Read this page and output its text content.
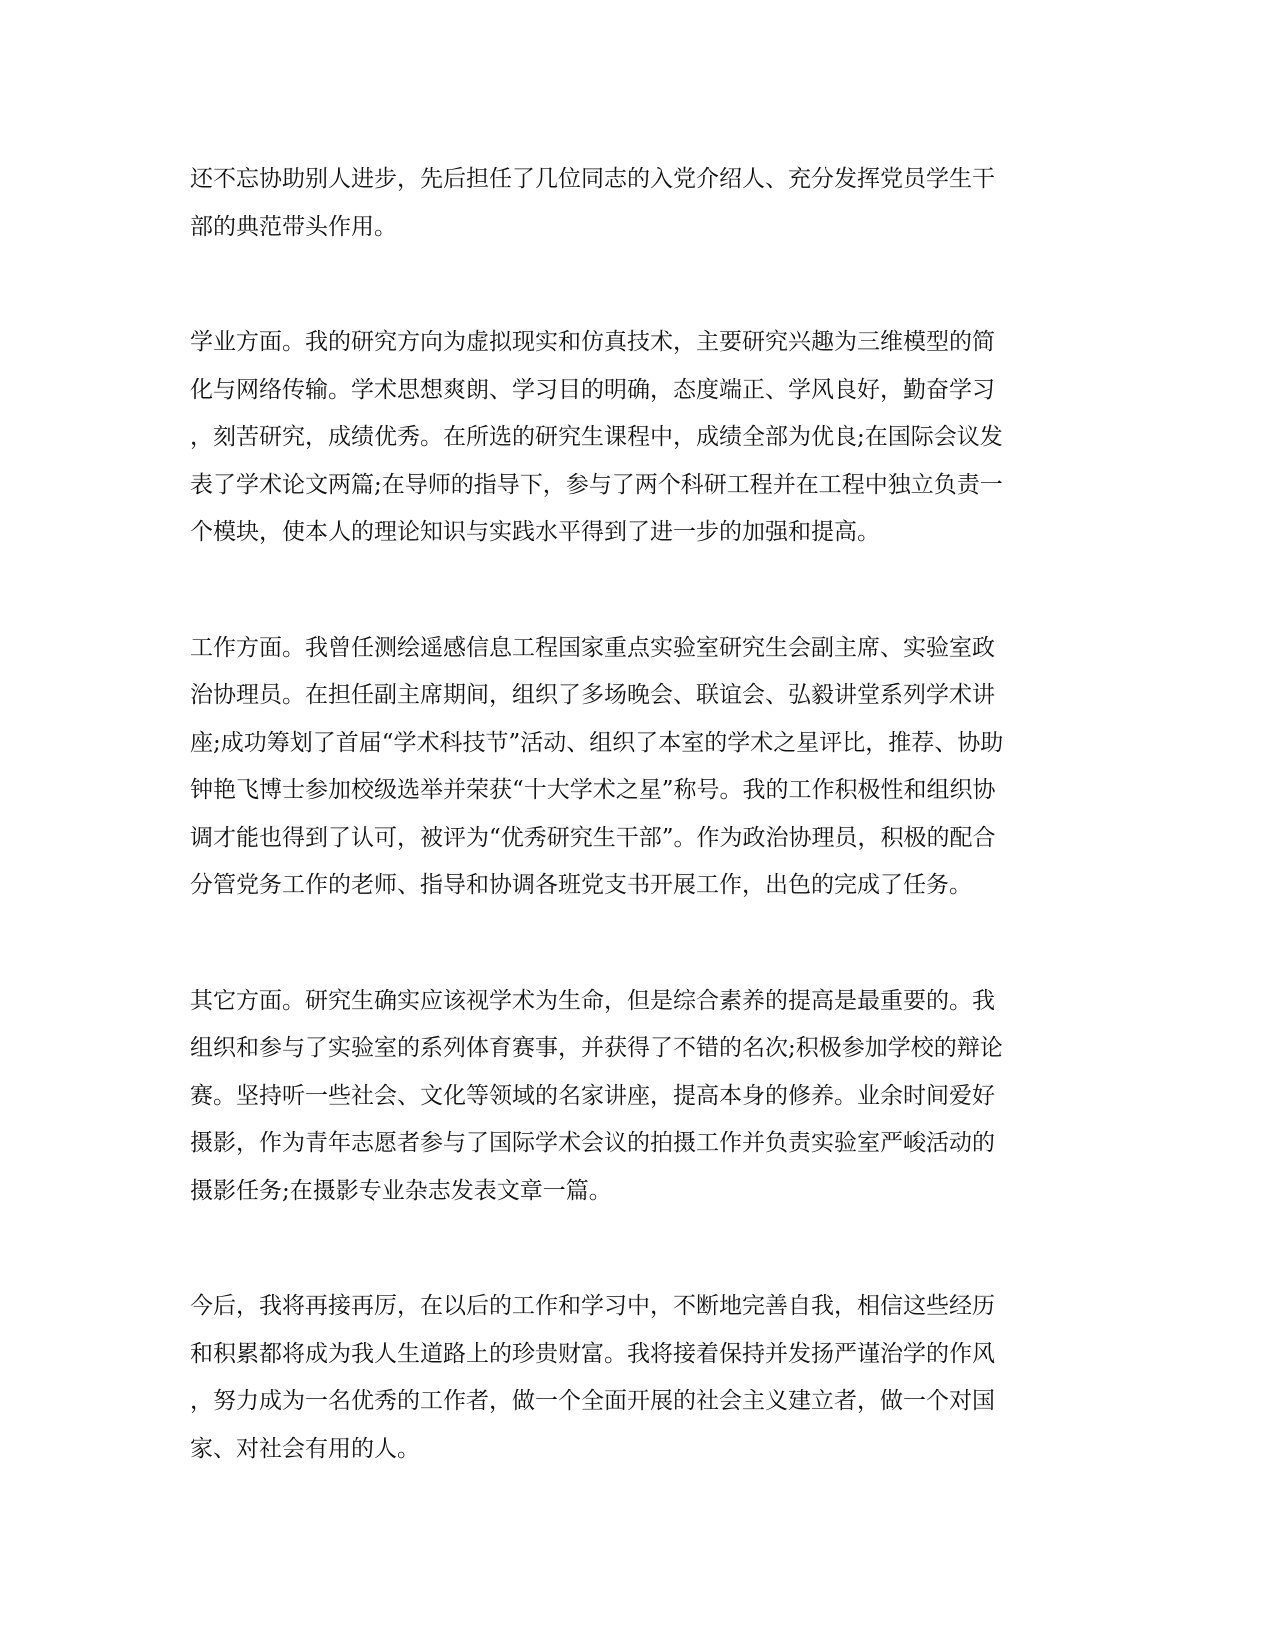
还不忘协助别人进步，先后担任了几位同志的入党介绍人、充分发挥党员学生干
部的典范带头作用。

学业方面。我的研究方向为虚拟现实和仿真技术，主要研究兴趣为三维模型的简
化与网络传输。学术思想爽朗、学习目的明确，态度端正、学风良好，勤奋学习
，刻苦研究，成绩优秀。在所选的研究生课程中，成绩全部为优良;在国际会议发
表了学术论文两篇;在导师的指导下，参与了两个科研工程并在工程中独立负责一
个模块，使本人的理论知识与实践水平得到了进一步的加强和提高。

工作方面。我曾任测绘遥感信息工程国家重点实验室研究生会副主席、实验室政
治协理员。在担任副主席期间，组织了多场晚会、联谊会、弘毅讲堂系列学术讲
座;成功筹划了首届“学术科技节”活动、组织了本室的学术之星评比，推荐、协助
钟艳飞博士参加校级选举并荣获“十大学术之星”称号。我的工作积极性和组织协
调才能也得到了认可，被评为“优秀研究生干部”。作为政治协理员，积极的配合
分管党务工作的老师、指导和协调各班党支书开展工作，出色的完成了任务。

其它方面。研究生确实应该视学术为生命，但是综合素养的提高是最重要的。我
组织和参与了实验室的系列体育赛事，并获得了不错的名次;积极参加学校的辩论
赛。坚持听一些社会、文化等领域的名家讲座，提高本身的修养。业余时间爱好
摄影，作为青年志愿者参与了国际学术会议的拍摄工作并负责实验室严峻活动的
摄影任务;在摄影专业杂志发表文章一篇。

今后，我将再接再厉，在以后的工作和学习中，不断地完善自我，相信这些经历
和积累都将成为我人生道路上的珍贵财富。我将接着保持并发扬严谨治学的作风
，努力成为一名优秀的工作者，做一个全面开展的社会主义建立者，做一个对国
家、对社会有用的人。
